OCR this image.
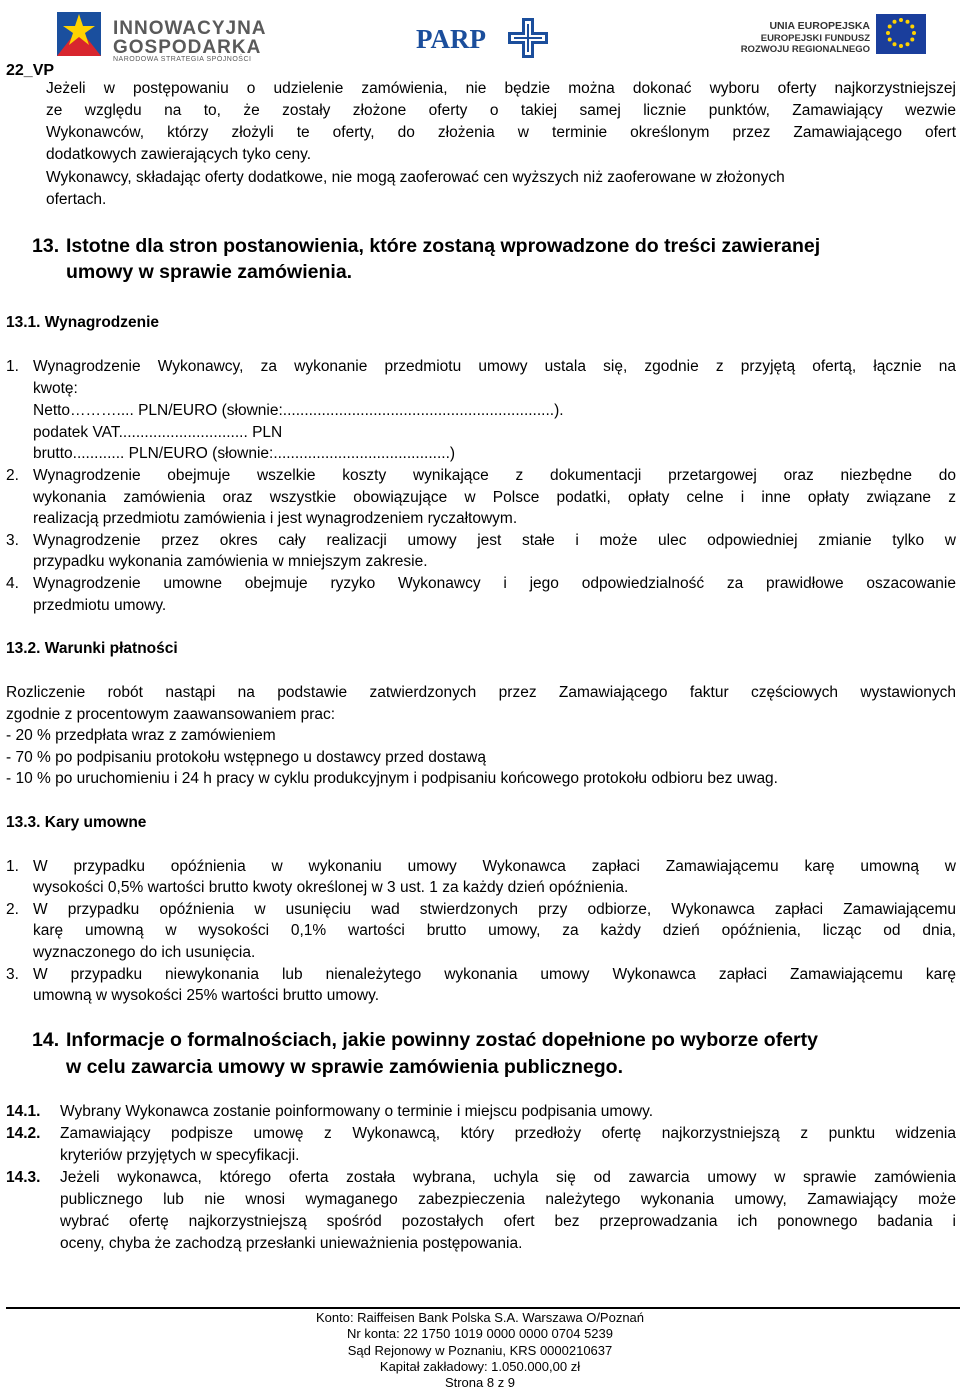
INNOWACYJNA
GOSPODARKA
NARODOWA STRATEGIA SPÓJNOŚCI
PARP	UNIA EUROPEJSKA
EUROPEJSKI FUNDUSZ
ROZWOJU REGIONALNEGO
22_VP
Jeżeli w postępowaniu o udzielenie zamówienia, nie będzie można dokonać wyboru oferty najkorzystniejszej
ze względu na to, że zostały złożone oferty o takiej samej licznie punktów, Zamawiający wezwie
Wykonawców, którzy złożyli te oferty, do złożenia w terminie określonym przez Zamawiającego ofert
dodatkowych zawierających tyko ceny.
Wykonawcy, składając oferty dodatkowe, nie mogą zaoferować cen wyższych niż zaoferowane w złożonych
ofertach.
13. Istotne dla stron postanowienia, które zostaną wprowadzone do treści zawieranej
umowy w sprawie zamówienia.
13.1. Wynagrodzenie
1. Wynagrodzenie Wykonawcy, za wykonanie przedmiotu umowy ustala się, zgodnie z przyjętą ofertą, łącznie na
kwotę:
Netto……….... PLN/EURO (słownie:...............................................................).
podatek VAT.............................. PLN
brutto............ PLN/EURO (słownie:.........................................)
2. Wynagrodzenie obejmuje wszelkie koszty wynikające z dokumentacji przetargowej oraz niezbędne do
wykonania zamówienia oraz wszystkie obowiązujące w Polsce podatki, opłaty celne i inne opłaty związane z
realizacją przedmiotu zamówienia i jest wynagrodzeniem ryczałtowym.
3. Wynagrodzenie przez okres cały realizacji umowy jest stałe i może ulec odpowiedniej zmianie tylko w
przypadku wykonania zamówienia w mniejszym zakresie.
4. Wynagrodzenie umowne obejmuje ryzyko Wykonawcy i jego odpowiedzialność za prawidłowe oszacowanie
przedmiotu umowy.
13.2. Warunki płatności
Rozliczenie robót nastąpi na podstawie zatwierdzonych przez Zamawiającego faktur częściowych wystawionych
zgodnie z procentowym zaawansowaniem prac:
- 20 % przedpłata wraz z zamówieniem
- 70 % po podpisaniu protokołu wstępnego u dostawcy przed dostawą
- 10 % po uruchomieniu i 24 h pracy w cyklu produkcyjnym i podpisaniu końcowego protokołu odbioru bez uwag.
13.3. Kary umowne
1. W przypadku opóźnienia w wykonaniu umowy Wykonawca zapłaci Zamawiającemu karę umowną w
wysokości 0,5% wartości brutto kwoty określonej w 3 ust. 1 za każdy dzień opóźnienia.
2. W przypadku opóźnienia w usunięciu wad stwierdzonych przy odbiorze, Wykonawca zapłaci Zamawiającemu
karę umowną w wysokości 0,1% wartości brutto umowy, za każdy dzień opóźnienia, licząc od dnia,
wyznaczonego do ich usunięcia.
3. W przypadku niewykonania lub nienależytego wykonania umowy Wykonawca zapłaci Zamawiającemu karę
umowną w wysokości 25% wartości brutto umowy.
14. Informacje o formalnościach, jakie powinny zostać dopełnione po wyborze oferty
w celu zawarcia umowy w sprawie zamówienia publicznego.
14.1. Wybrany Wykonawca zostanie poinformowany o terminie i miejscu podpisania umowy.
14.2. Zamawiający podpisze umowę z Wykonawcą, który przedłoży ofertę najkorzystniejszą z punktu widzenia
kryteriów przyjętych w specyfikacji.
14.3. Jeżeli wykonawca, którego oferta została wybrana, uchyla się od zawarcia umowy w sprawie zamówienia
publicznego lub nie wnosi wymaganego zabezpieczenia należytego wykonania umowy, Zamawiający może
wybrać ofertę najkorzystniejszą spośród pozostałych ofert bez przeprowadzania ich ponownego badania i
oceny, chyba że zachodzą przesłanki unieważnienia postępowania.
Konto: Raiffeisen Bank Polska S.A. Warszawa O/Poznań
Nr konta: 22 1750 1019 0000 0000 0704 5239
Sąd Rejonowy w Poznaniu, KRS 0000210637
Kapitał zakładowy: 1.050.000,00 zł
Strona 8 z 9
